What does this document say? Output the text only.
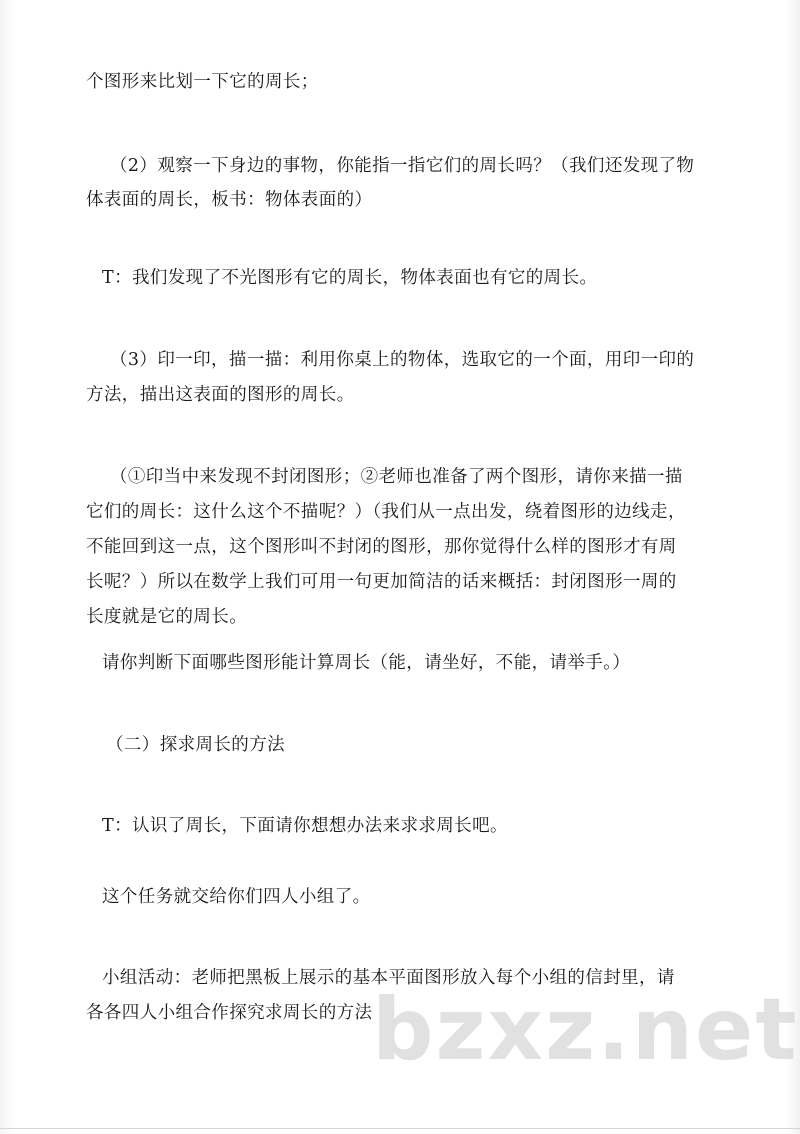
个图形来比划一下它的周长；
（2）观察一下身边的事物，你能指一指它们的周长吗？（我们还发现了物
体表面的周长，板书：物体表面的）
T：我们发现了不光图形有它的周长，物体表面也有它的周长。
（3）印一印，描一描：利用你桌上的物体，选取它的一个面，用印一印的
方法，描出这表面的图形的周长。
（①印当中来发现不封闭图形；②老师也准备了两个图形，请你来描一描
它们的周长：这什么这个不描呢？）（我们从一点出发，绕着图形的边线走，
不能回到这一点，这个图形叫不封闭的图形，那你觉得什么样的图形才有周
长呢？）所以在数学上我们可用一句更加简洁的话来概括：封闭图形一周的
长度就是它的周长。
请你判断下面哪些图形能计算周长（能，请坐好，不能，请举手。）
（二）探求周长的方法
T：认识了周长，下面请你想想办法来求求周长吧。
这个任务就交给你们四人小组了。
小组活动：老师把黑板上展示的基本平面图形放入每个小组的信封里，请
各各四人小组合作探究求周长的方法 bzxz.net
